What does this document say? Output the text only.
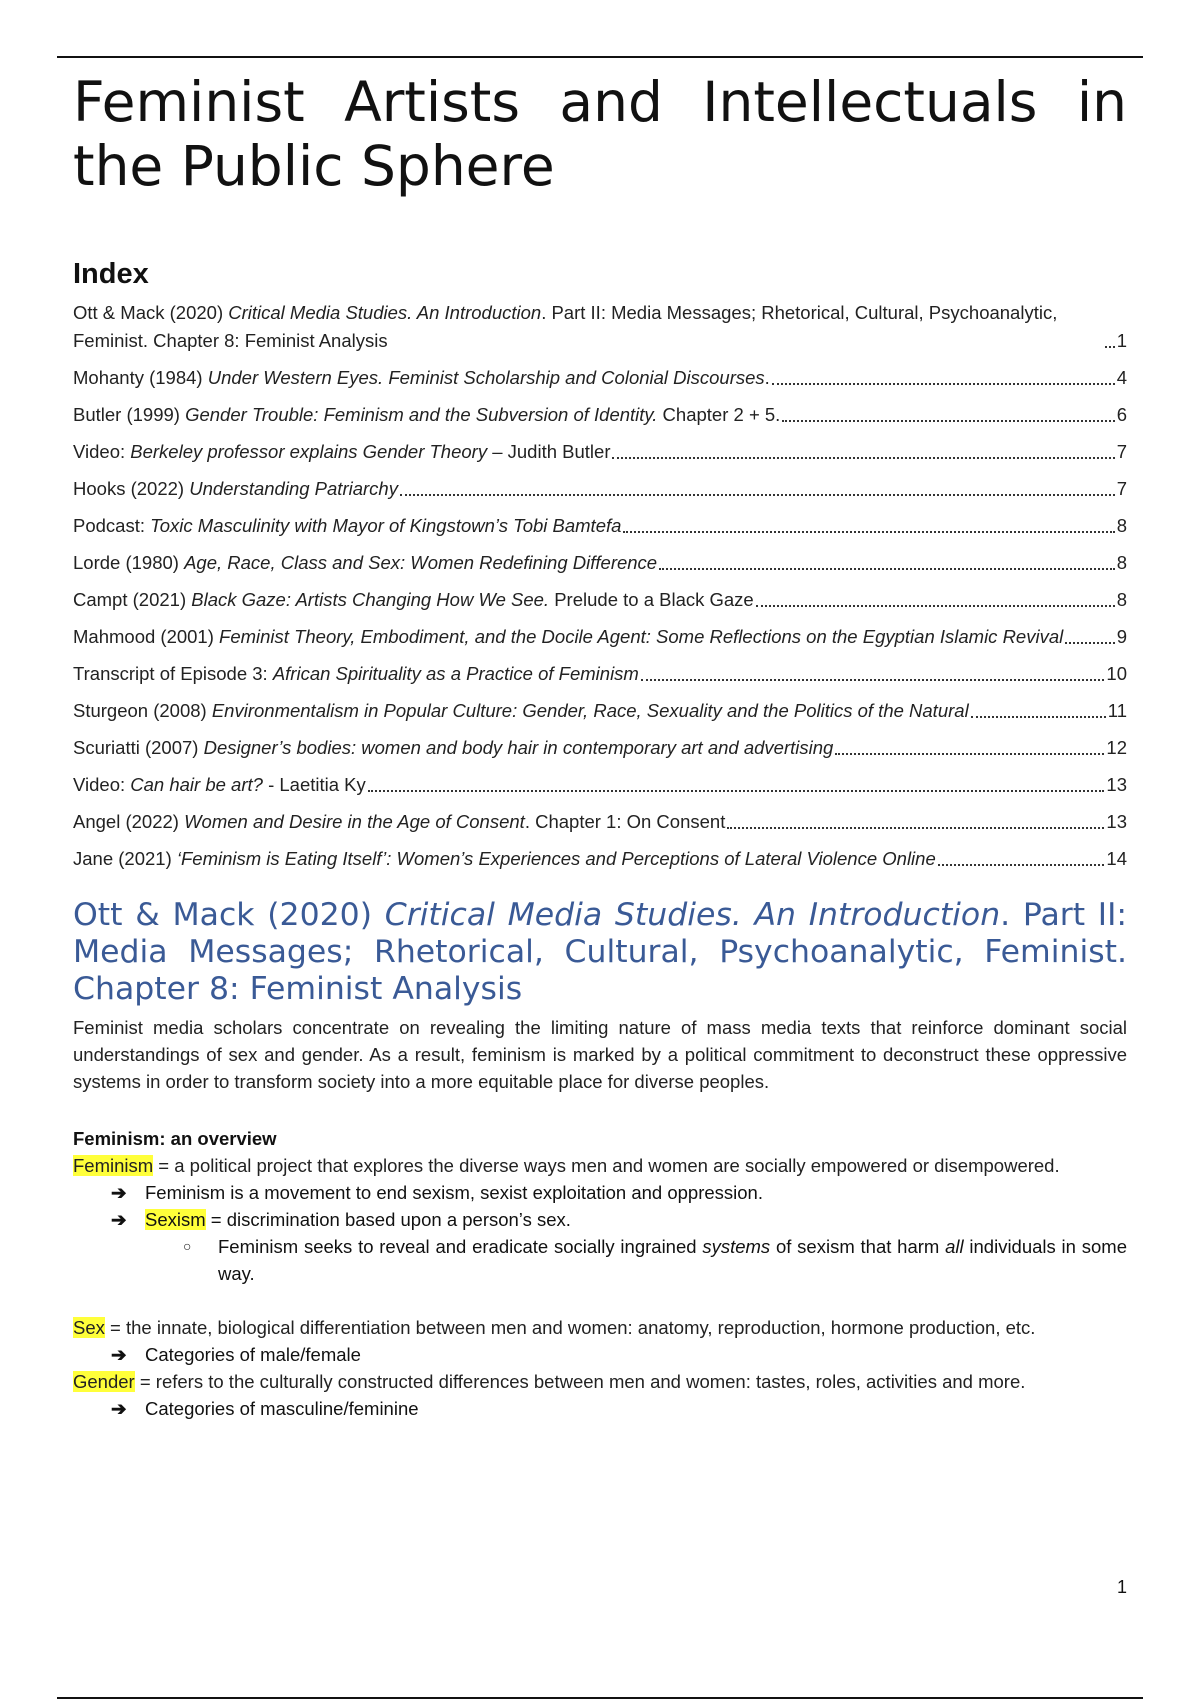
Feminist Artists and Intellectuals in the Public Sphere
Index
Ott & Mack (2020) Critical Media Studies. An Introduction. Part II: Media Messages; Rhetorical, Cultural, Psychoanalytic, Feminist. Chapter 8: Feminist Analysis	1
Mohanty (1984) Under Western Eyes. Feminist Scholarship and Colonial Discourses.	4
Butler (1999) Gender Trouble: Feminism and the Subversion of Identity. Chapter 2 + 5.	6
Video: Berkeley professor explains Gender Theory – Judith Butler	7
Hooks (2022) Understanding Patriarchy	7
Podcast: Toxic Masculinity with Mayor of Kingstown’s Tobi Bamtefa	8
Lorde (1980) Age, Race, Class and Sex: Women Redefining Difference	8
Campt (2021) Black Gaze: Artists Changing How We See. Prelude to a Black Gaze	8
Mahmood (2001) Feminist Theory, Embodiment, and the Docile Agent: Some Reflections on the Egyptian Islamic Revival	9
Transcript of Episode 3: African Spirituality as a Practice of Feminism	10
Sturgeon (2008) Environmentalism in Popular Culture: Gender, Race, Sexuality and the Politics of the Natural	11
Scuriatti (2007) Designer’s bodies: women and body hair in contemporary art and advertising	12
Video: Can hair be art? - Laetitia Ky	13
Angel (2022) Women and Desire in the Age of Consent. Chapter 1: On Consent	13
Jane (2021) ‘Feminism is Eating Itself’: Women’s Experiences and Perceptions of Lateral Violence Online	14
Ott & Mack (2020) Critical Media Studies. An Introduction. Part II: Media Messages; Rhetorical, Cultural, Psychoanalytic, Feminist. Chapter 8: Feminist Analysis

Feminist media scholars concentrate on revealing the limiting nature of mass media texts that reinforce dominant social understandings of sex and gender. As a result, feminism is marked by a political commitment to deconstruct these oppressive systems in order to transform society into a more equitable place for diverse peoples.

Feminism: an overview

Feminism = a political project that explores the diverse ways men and women are socially empowered or disempowered.

➔ Feminism is a movement to end sexism, sexist exploitation and oppression.
➔ Sexism = discrimination based upon a person’s sex.
○	Feminism seeks to reveal and eradicate socially ingrained systems of sexism that harm all individuals in some way.

Sex = the innate, biological differentiation between men and women: anatomy, reproduction, hormone production, etc.

➔ Categories of male/female

Gender = refers to the culturally constructed differences between men and women: tastes, roles, activities and more.

➔ Categories of masculine/feminine
1
